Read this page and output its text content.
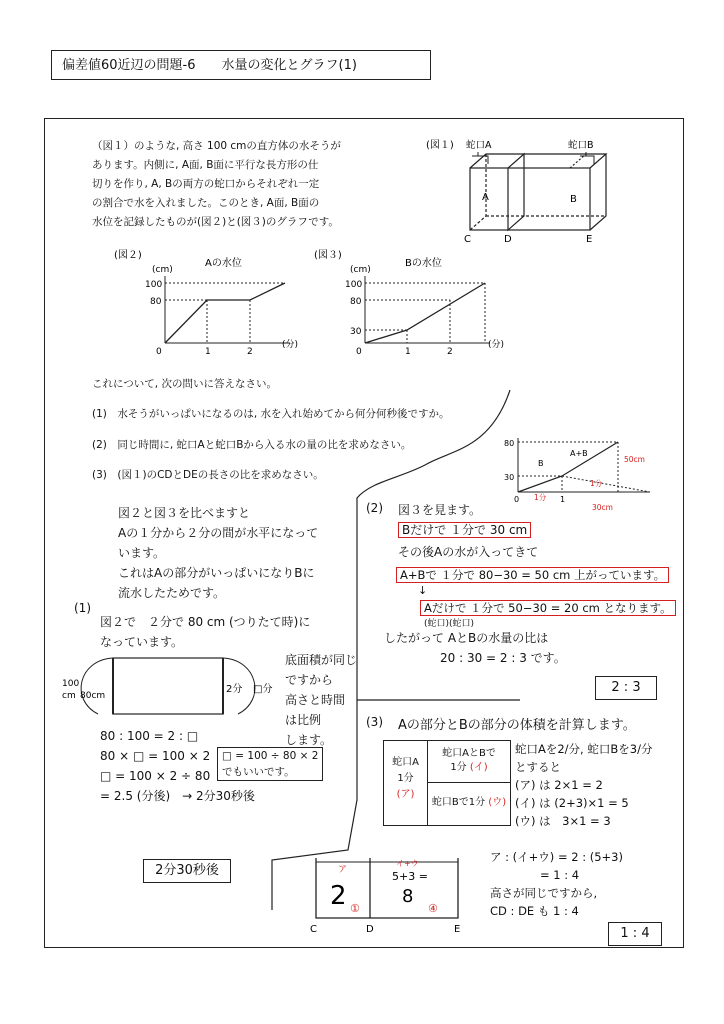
偏差値60近辺の問題-6　　水量の変化とグラフ(1)
（図１）のような, 高さ 100 cmの直方体の水そうが
あります。内側に, A面, B面に平行な長方形の仕
切りを作り, A, Bの両方の蛇口からそれぞれ一定
の割合で水を入れました。このとき, A面, B面の
水位を記録したものが(図２)と(図３)のグラフです。
(図１) 蛇口A	蛇口B
A	B
C	D	E
(図２)
Aの水位
(cm)
100
80
0	1	2
(分)
(図３)
Bの水位
(cm)
100
80
30
0	1	2
(分)
これについて, 次の問いに答えなさい。
(1)　水そうがいっぱいになるのは, 水を入れ始めてから何分何秒後ですか。
(2)　同じ時間に, 蛇口Aと蛇口Bから入る水の量の比を求めなさい。
(3)　(図１)のCDとDEの長さの比を求めなさい。
80
30
0	1
B
A+B
50cm
1分
1分
30cm
図２と図３を比べますと
Aの１分から２分の間が水平になって
います。
これはAの部分がいっぱいになりBに
流水したためです。
(1)
図２で　２分で 80 cm (つりたて時)に
なっています。
100
cm 80cm
2分 □分
底面積が同じ
ですから
高さと時間
は比例
します。
80 : 100 = 2 : □
80 × □ = 100 × 2
□ = 100 × 2 ÷ 80
= 2.5 (分後)　→ 2分30秒後
□ = 100 ÷ 80 × 2
でもいいです。
2分30秒後
(2) 図３を見ます。
Bだけで １分で 30 cm
その後Aの水が入ってきて
A+Bで １分で 80−30 = 50 cm 上がっています。
↓
Aだけで １分で 50−30 = 20 cm となります。
(蛇口)(蛇口)
したがって AとBの水量の比は
20 : 30 = 2 : 3 です。
2 : 3
(3) Aの部分とBの部分の体積を計算します。
蛇口A
1分
(ア)
蛇口AとBで
1分 (イ)
蛇口Bで1分 (ウ)
蛇口Aを2/分, 蛇口Bを3/分
とすると
(ア) は 2×1 = 2
(イ) は (2+3)×1 = 5
(ウ) は　3×1 = 3
ア : (イ+ウ) = 2 : (5+3)
= 1 : 4
高さが同じですから,
CD : DE も 1 : 4
ア
2 ①
イ+ウ
5+3 =
8
④
C	D	E	1 : 4
